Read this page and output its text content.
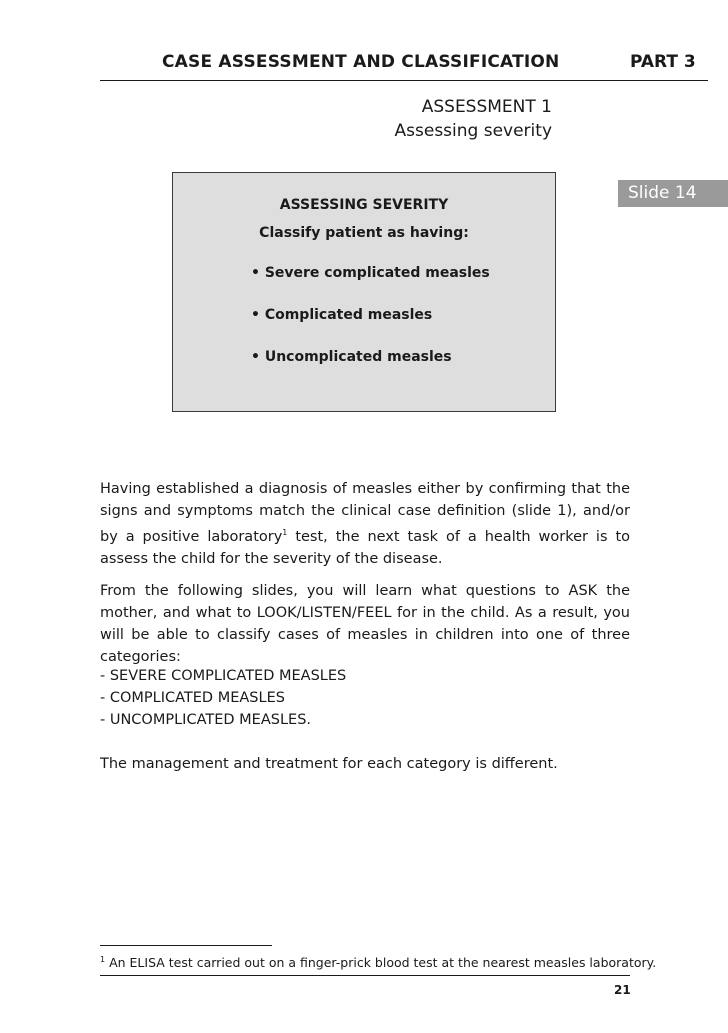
CASE ASSESSMENT AND CLASSIFICATION	PART 3
ASSESSMENT 1
Assessing severity
Slide 14
ASSESSING SEVERITY
Classify patient as having:
• Severe complicated measles
• Complicated measles
• Uncomplicated measles

Having established a diagnosis of measles either by confirming that the signs and symptoms match the clinical case definition (slide 1), and/or by a positive laboratory$^1$ test, the next task of a health worker is to assess the child for the severity of the disease.

From the following slides, you will learn what questions to ASK the mother, and what to LOOK/LISTEN/FEEL for in the child. As a result, you will be able to classify cases of measles in children into one of three categories:

- SEVERE COMPLICATED MEASLES
- COMPLICATED MEASLES
- UNCOMPLICATED MEASLES.
The management and treatment for each category is different.
$^1$ An ELISA test carried out on a finger-prick blood test at the nearest measles laboratory.
21
